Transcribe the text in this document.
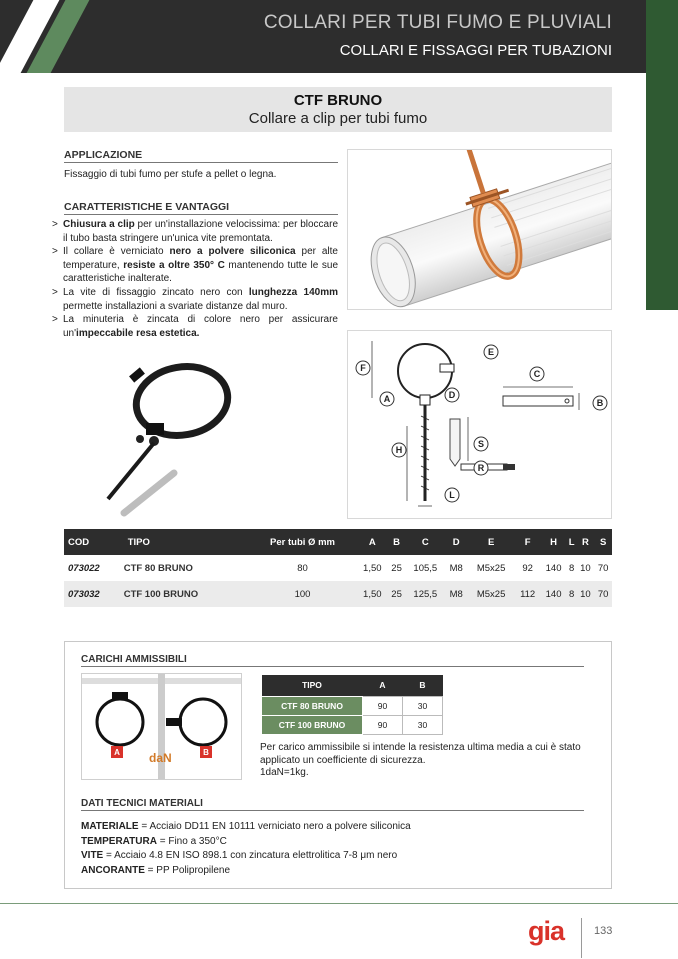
COLLARI PER TUBI FUMO E PLUVIALI
COLLARI E FISSAGGI PER TUBAZIONI
CTF BRUNO
Collare a clip per tubi fumo
APPLICAZIONE

Fissaggio di tubi fumo per stufe a pellet o legna.

CARATTERISTICHE E VANTAGGI
> Chiusura a clip per un'installazione velocissima: per bloccare il tubo basta stringere un'unica vite premontata.
> Il collare è verniciato nero a polvere siliconica per alte temperature, resiste a oltre 350° C mantenendo tutte le sue caratteristiche inalterate.
> La vite di fissaggio zincato nero con lunghezza 140mm permette installazioni a svariate distanze dal muro.
> La minuteria è zincata di colore nero per assicurare un'impeccabile resa estetica.
E
F
A	D
H
S
R
L
C
B
COD	TIPO	Per tubi Ø mm	A	B	C	D	E	F	H	L	R	S
073022	CTF 80 BRUNO	80	1,50	25	105,5	M8	M5x25	92	140	8	10	70
073032	CTF 100 BRUNO	100	1,50	25	125,5	M8	M5x25	112	140	8	10	70
CARICHI AMMISSIBILI
A	B
daN
TIPO	A	B
CTF 80 BRUNO	90	30
CTF 100 BRUNO	90	30
Per carico ammissibile si intende la resistenza ultima media a cui è stato applicato un coefficiente di sicurezza.
1daN=1kg.
DATI TECNICI MATERIALI
MATERIALE = Acciaio DD11 EN 10111 verniciato nero a polvere siliconica
TEMPERATURA = Fino a 350°C
VITE = Acciaio 4.8 EN ISO 898.1 con zincatura elettrolitica 7-8 μm nero
ANCORANTE = PP Polipropilene
gia	133
